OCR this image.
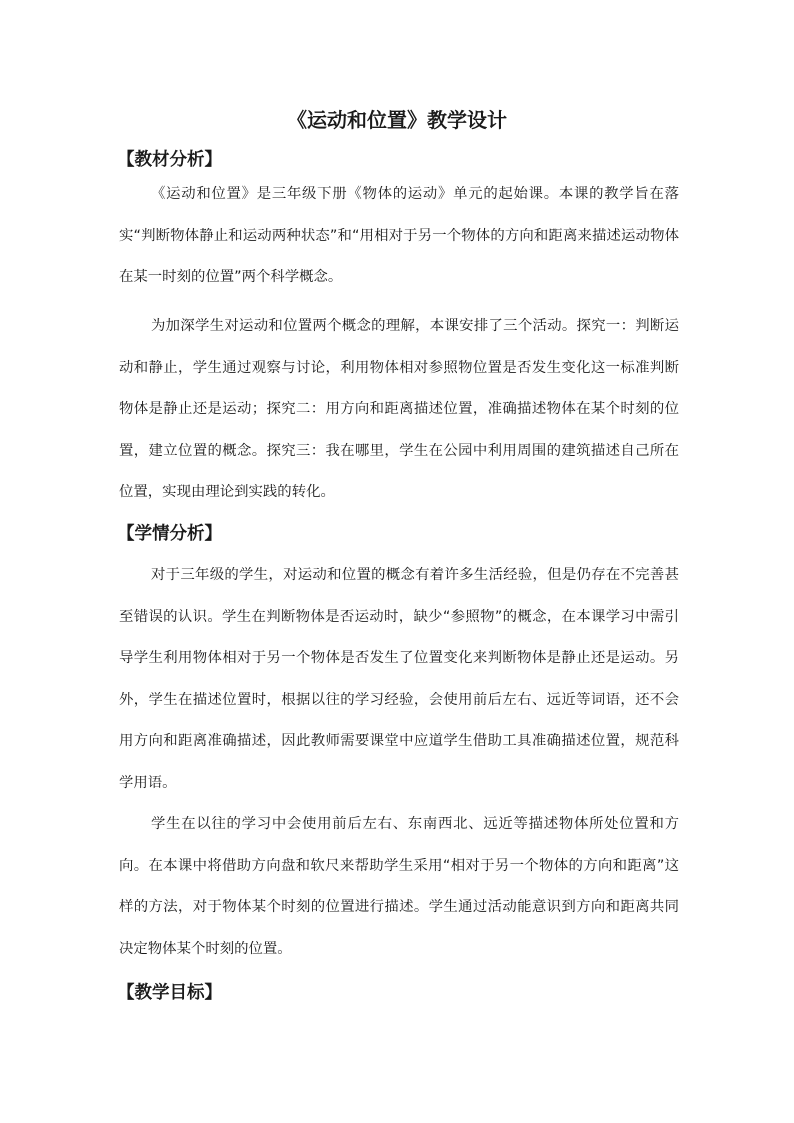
《运动和位置》教学设计
【教材分析】

《运动和位置》是三年级下册《物体的运动》单元的起始课。本课的教学旨在落实“判断物体静止和运动两种状态”和“用相对于另一个物体的方向和距离来描述运动物体在某一时刻的位置”两个科学概念。

为加深学生对运动和位置两个概念的理解，本课安排了三个活动。探究一：判断运动和静止，学生通过观察与讨论，利用物体相对参照物位置是否发生变化这一标准判断物体是静止还是运动；探究二：用方向和距离描述位置，准确描述物体在某个时刻的位置，建立位置的概念。探究三：我在哪里，学生在公园中利用周围的建筑描述自己所在位置，实现由理论到实践的转化。

【学情分析】

对于三年级的学生，对运动和位置的概念有着许多生活经验，但是仍存在不完善甚至错误的认识。学生在判断物体是否运动时，缺少“参照物”的概念，在本课学习中需引导学生利用物体相对于另一个物体是否发生了位置变化来判断物体是静止还是运动。另外，学生在描述位置时，根据以往的学习经验，会使用前后左右、远近等词语，还不会用方向和距离准确描述，因此教师需要课堂中应道学生借助工具准确描述位置，规范科学用语。

学生在以往的学习中会使用前后左右、东南西北、远近等描述物体所处位置和方向。在本课中将借助方向盘和软尺来帮助学生采用“相对于另一个物体的方向和距离”这样的方法，对于物体某个时刻的位置进行描述。学生通过活动能意识到方向和距离共同决定物体某个时刻的位置。

【教学目标】
